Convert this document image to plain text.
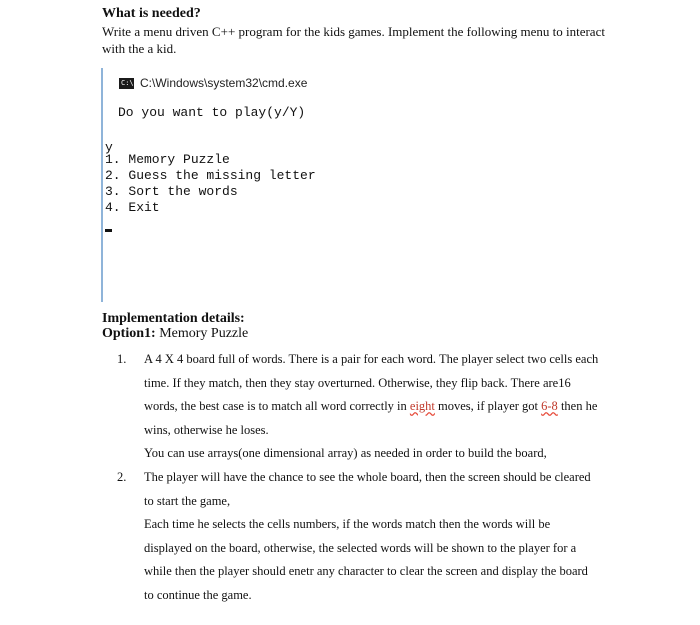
What is needed?
Write a menu driven C++ program for the kids games. Implement the following menu to interact with the a kid.
C:\
C:\Windows\system32\cmd.exe
Do you want to play(y/Y)
y
1. Memory Puzzle
2. Guess the missing letter
3. Sort the words
4. Exit
Implementation details:
Option1: Memory Puzzle
1.	A 4 X 4 board full of words. There is a pair for each word. The player select two cells each time. If they match, then they stay overturned. Otherwise, they flip back. There are16 words, the best case is to match all word correctly in eight moves, if player got 6-8 then he wins, otherwise he loses.
You can use arrays(one dimensional array) as needed in order to build the board,
2.	The player will have the chance to see the whole board, then the screen should be cleared to start the game,
Each time he selects the cells numbers, if the words match then the words will be displayed on the board, otherwise, the selected words will be shown to the player for a while then the player should enetr any character to clear the screen and display the board to continue the game.
